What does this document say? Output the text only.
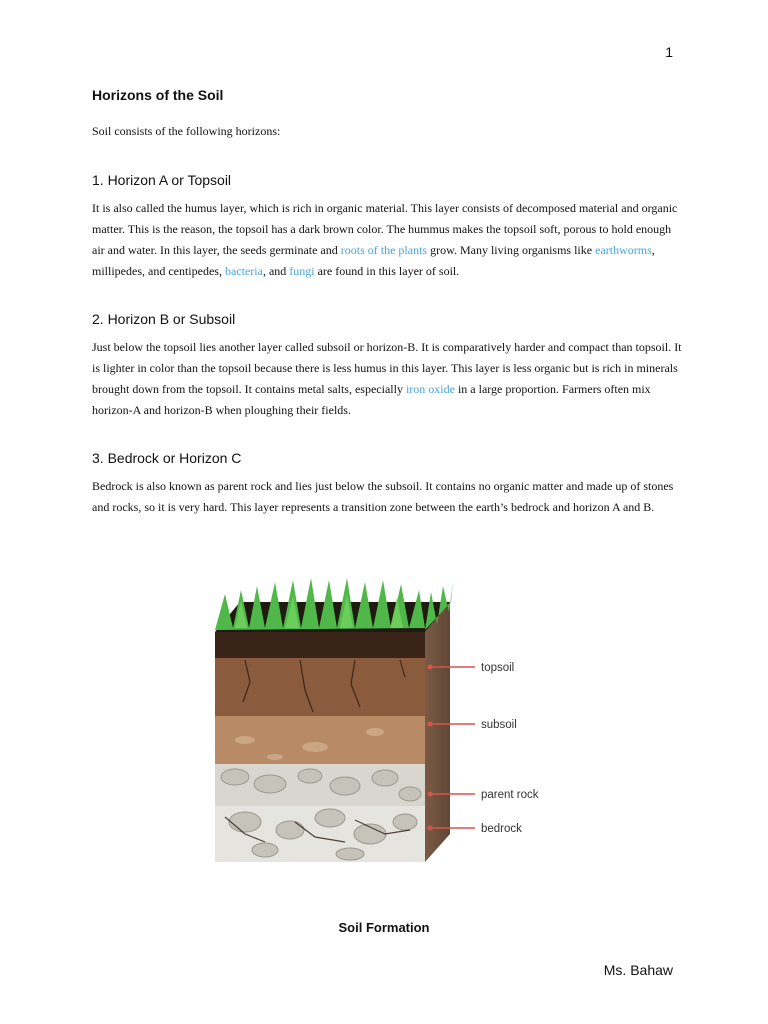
1
Horizons of the Soil
Soil consists of the following horizons:
1. Horizon A or Topsoil
It is also called the humus layer, which is rich in organic material. This layer consists of decomposed material and organic matter. This is the reason, the topsoil has a dark brown color. The hummus makes the topsoil soft, porous to hold enough air and water. In this layer, the seeds germinate and roots of the plants grow. Many living organisms like earthworms, millipedes, and centipedes, bacteria, and fungi are found in this layer of soil.
2. Horizon B or Subsoil
Just below the topsoil lies another layer called subsoil or horizon-B. It is comparatively harder and compact than topsoil. It is lighter in color than the topsoil because there is less humus in this layer. This layer is less organic but is rich in minerals brought down from the topsoil. It contains metal salts, especially iron oxide in a large proportion. Farmers often mix horizon-A and horizon-B when ploughing their fields.
3. Bedrock or Horizon C
Bedrock is also known as parent rock and lies just below the subsoil. It contains no organic matter and made up of stones and rocks, so it is very hard. This layer represents a transition zone between the earth’s bedrock and horizon A and B.
topsoil
subsoil
parent rock
bedrock
Soil Formation
Ms. Bahaw
